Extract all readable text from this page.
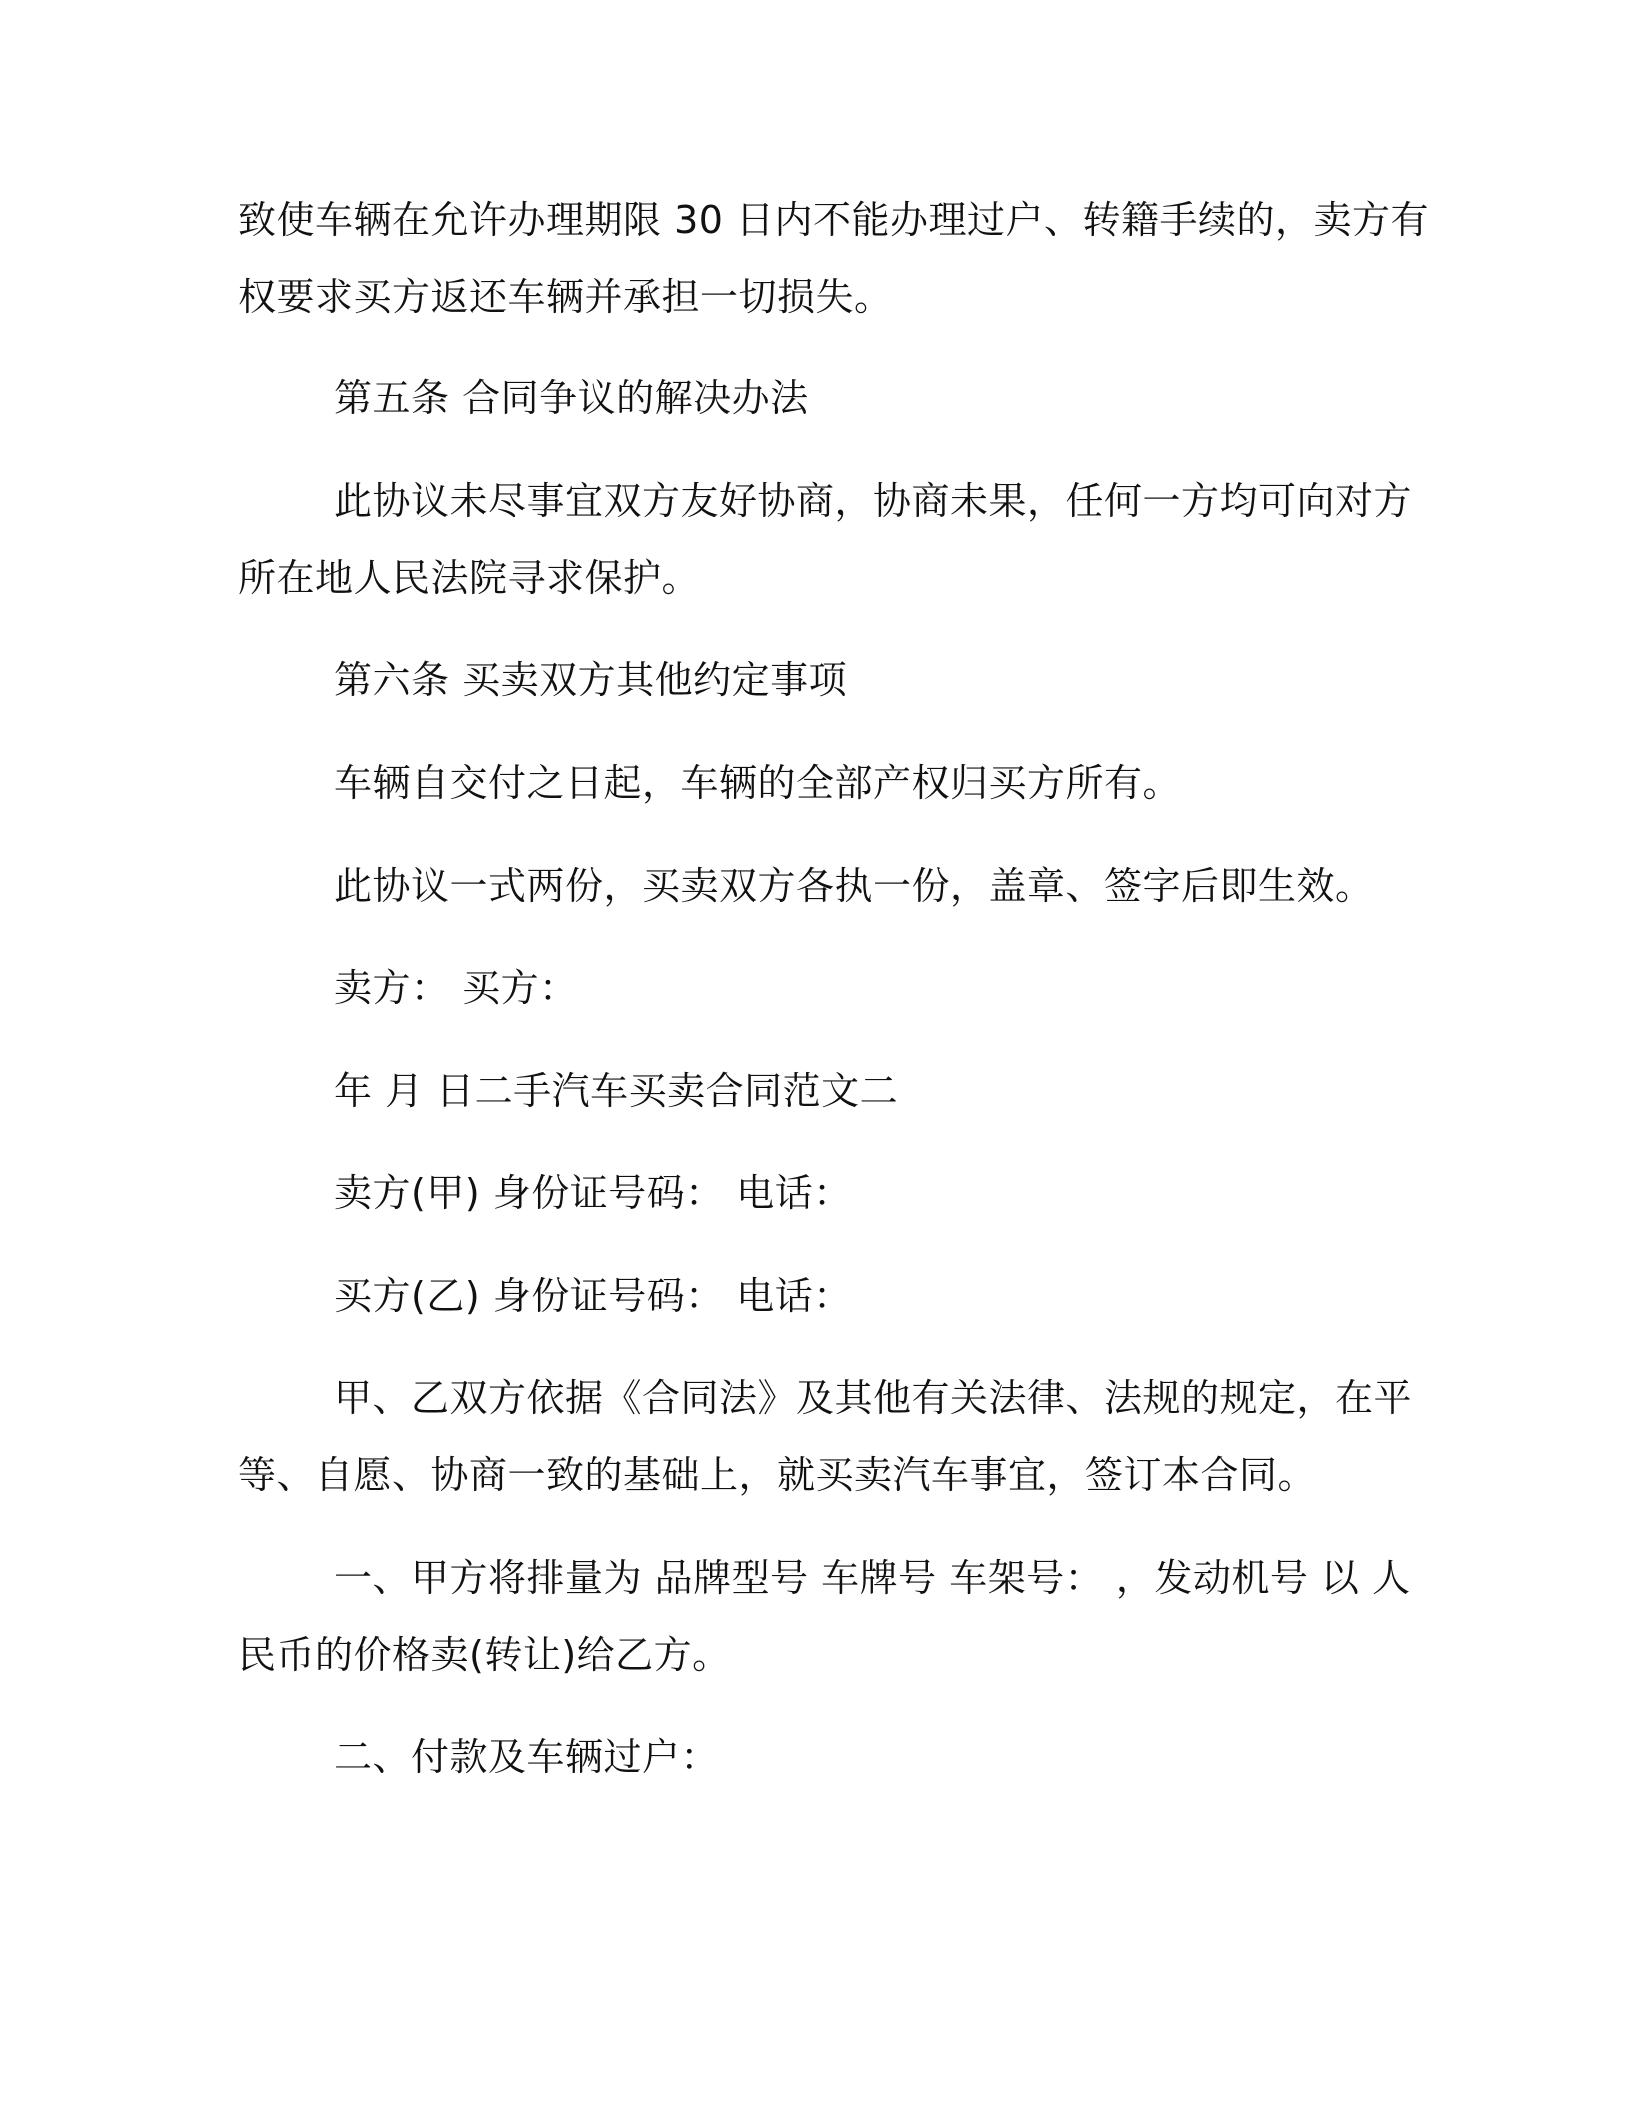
致使车辆在允许办理期限 30 日内不能办理过户、转籍手续的，卖方有
权要求买方返还车辆并承担一切损失。
第五条 合同争议的解决办法
此协议未尽事宜双方友好协商，协商未果，任何一方均可向对方
所在地人民法院寻求保护。
第六条 买卖双方其他约定事项
车辆自交付之日起，车辆的全部产权归买方所有。
此协议一式两份，买卖双方各执一份，盖章、签字后即生效。
卖方： 买方：
年 月 日二手汽车买卖合同范文二
卖方(甲) 身份证号码： 电话：
买方(乙) 身份证号码： 电话：
甲、乙双方依据《合同法》及其他有关法律、法规的规定，在平
等、自愿、协商一致的基础上，就买卖汽车事宜，签订本合同。
一、甲方将排量为 品牌型号 车牌号 车架号： ，发动机号 以 人
民币的价格卖(转让)给乙方。
二、付款及车辆过户：
